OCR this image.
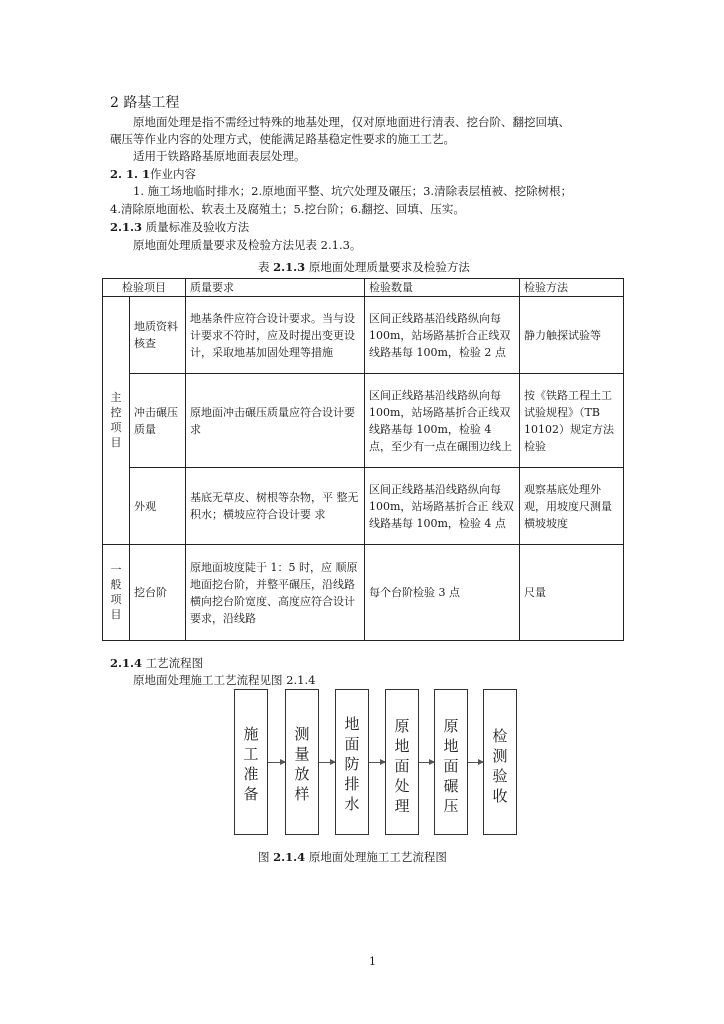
2 路基工程
原地面处理是指不需经过特殊的地基处理，仅对原地面进行清表、挖台阶、翻挖回填、
碾压等作业内容的处理方式，使能满足路基稳定性要求的施工工艺。
适用于铁路路基原地面表层处理。
2. 1. 1作业内容
1. 施工场地临时排水；2.原地面平整、坑穴处理及碾压；3.清除表层植被、挖除树根；
4.清除原地面松、软表土及腐殖土；5.挖台阶；6.翻挖、回填、压实。
2.1.3 质量标准及验收方法
原地面处理质量要求及检验方法见表 2.1.3。
表 2.1.3 原地面处理质量要求及检验方法
检验项目		质量要求	检验数量	检验方法
主控项目	地质资料核查	地基条件应符合设计要求。当与设计要求不符时，应及时提出变更设计，采取地基加固处理等措施	区间正线路基沿线路纵向每 100m，站场路基折合正线双线路基每 100m，检验 2 点	静力触探试验等
	冲击碾压质量	原地面冲击碾压质量应符合设计要求	区间正线路基沿线路纵向每 100m，站场路基折合正线双线路基每 100m，检验 4 点，至少有一点在碾围边线上	按《铁路工程土工试验规程》（TB 10102）规定方法检验
	外观	基底无草皮、树根等杂物，平 整无积水；横坡应符合设计要 求	区间正线路基沿线路纵向每 100m，站场路基折合正 线双线路基每 100m，检验 4 点	观察基底处理外观，用坡度尺测量横坡坡度
一般项目	挖台阶	原地面坡度陡于 1：5 时，应 顺原地面挖台阶，并整平碾压，沿线路横向挖台阶宽度、高度应符合设计要求，沿线路	每个台阶检验 3 点	尺量
2.1.4 工艺流程图
原地面处理施工工艺流程见图 2.1.4
施工准备
测量放样
地面防排水
原地面处理
原地面碾压
检测验收
图 2.1.4 原地面处理施工工艺流程图
1
